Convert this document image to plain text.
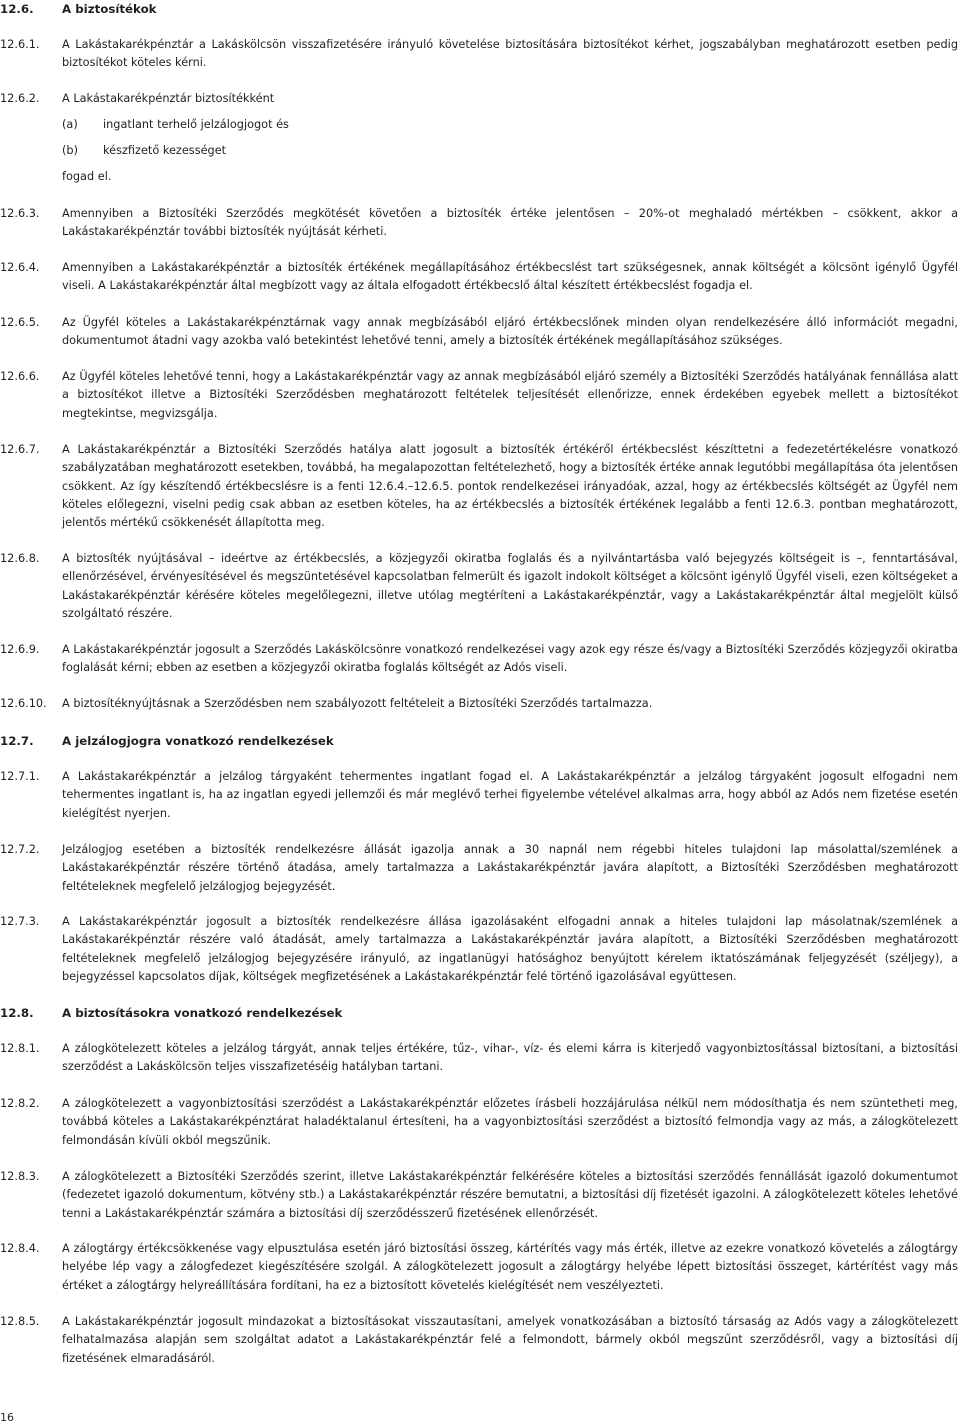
12.6. A biztosítékok
12.6.1. A Lakástakarékpénztár a Lakáskölcsön visszafizetésére irányuló követelése biztosítására biztosítékot kérhet, jogszabályban meghatározott esetben pedig biztosítékot köteles kérni.
12.6.2. A Lakástakarékpénztár biztosítékként
(a) ingatlant terhelő jelzálogjogot és
(b) készfizető kezességet
fogad el.
12.6.3. Amennyiben a Biztosítéki Szerződés megkötését követően a biztosíték értéke jelentősen – 20%-ot meghaladó mértékben – csökkent, akkor a Lakástakarékpénztár további biztosíték nyújtását kérheti.
12.6.4. Amennyiben a Lakástakarékpénztár a biztosíték értékének megállapításához értékbecslést tart szükségesnek, annak költségét a kölcsönt igénylő Ügyfél viseli. A Lakástakarékpénztár által megbízott vagy az általa elfogadott értékbecslő által készített értékbecslést fogadja el.
12.6.5. Az Ügyfél köteles a Lakástakarékpénztárnak vagy annak megbízásából eljáró értékbecslőnek minden olyan rendelkezésére álló információt megadni, dokumentumot átadni vagy azokba való betekintést lehetővé tenni, amely a biztosíték értékének megállapításához szükséges.
12.6.6. Az Ügyfél köteles lehetővé tenni, hogy a Lakástakarékpénztár vagy az annak megbízásából eljáró személy a Biztosítéki Szerződés hatályának fennállása alatt a biztosítékot illetve a Biztosítéki Szerződésben meghatározott feltételek teljesítését ellenőrizze, ennek érdekében egyebek mellett a biztosítékot megtekintse, megvizsgálja.
12.6.7. A Lakástakarékpénztár a Biztosítéki Szerződés hatálya alatt jogosult a biztosíték értékéről értékbecslést készíttetni a fedezetértékelésre vonatkozó szabályzatában meghatározott esetekben, továbbá, ha megalapozottan feltételezhető, hogy a biztosíték értéke annak legutóbbi megállapítása óta jelentősen csökkent. Az így készítendő értékbecslésre is a fenti 12.6.4.–12.6.5. pontok rendelkezései irányadóak, azzal, hogy az értékbecslés költségét az Ügyfél nem köteles előlegezni, viselni pedig csak abban az esetben köteles, ha az értékbecslés a biztosíték értékének legalább a fenti 12.6.3. pontban meghatározott, jelentős mértékű csökkenését állapította meg.
12.6.8. A biztosíték nyújtásával – ideértve az értékbecslés, a közjegyzői okiratba foglalás és a nyilvántartásba való bejegyzés költségeit is –, fenntartásával, ellenőrzésével, érvényesítésével és megszüntetésével kapcsolatban felmerült és igazolt indokolt költséget a kölcsönt igénylő Ügyfél viseli, ezen költségeket a Lakástakarékpénztár kérésére köteles megelőlegezni, illetve utólag megtéríteni a Lakástakarékpénztár, vagy a Lakástakarékpénztár által megjelölt külső szolgáltató részére.
12.6.9. A Lakástakarékpénztár jogosult a Szerződés Lakáskölcsönre vonatkozó rendelkezései vagy azok egy része és/vagy a Biztosítéki Szerződés közjegyzői okiratba foglalását kérni; ebben az esetben a közjegyzői okiratba foglalás költségét az Adós viseli.
12.6.10. A biztosítéknyújtásnak a Szerződésben nem szabályozott feltételeit a Biztosítéki Szerződés tartalmazza.
12.7. A jelzálogjogra vonatkozó rendelkezések
12.7.1. A Lakástakarékpénztár a jelzálog tárgyaként tehermentes ingatlant fogad el. A Lakástakarékpénztár a jelzálog tárgyaként jogosult elfogadni nem tehermentes ingatlant is, ha az ingatlan egyedi jellemzői és már meglévő terhei figyelembe vételével alkalmas arra, hogy abból az Adós nem fizetése esetén kielégítést nyerjen.
12.7.2. Jelzálogjog esetében a biztosíték rendelkezésre állását igazolja annak a 30 napnál nem régebbi hiteles tulajdoni lap másolattal/szemlének a Lakástakarékpénztár részére történő átadása, amely tartalmazza a Lakástakarékpénztár javára alapított, a Biztosítéki Szerződésben meghatározott feltételeknek megfelelő jelzálogjog bejegyzését.
12.7.3. A Lakástakarékpénztár jogosult a biztosíték rendelkezésre állása igazolásaként elfogadni annak a hiteles tulajdoni lap másolatnak/szemlének a Lakástakarékpénztár részére való átadását, amely tartalmazza a Lakástakarékpénztár javára alapított, a Biztosítéki Szerződésben meghatározott feltételeknek megfelelő jelzálogjog bejegyzésére irányuló, az ingatlanügyi hatósághoz benyújtott kérelem iktatószámának feljegyzését (széljegy), a bejegyzéssel kapcsolatos díjak, költségek megfizetésének a Lakástakarékpénztár felé történő igazolásával együttesen.
12.8. A biztosításokra vonatkozó rendelkezések
12.8.1. A zálogkötelezett köteles a jelzálog tárgyát, annak teljes értékére, tűz-, vihar-, víz- és elemi kárra is kiterjedő vagyonbiztosítással biztosítani, a biztosítási szerződést a Lakáskölcsön teljes visszafizetéséig hatályban tartani.
12.8.2. A zálogkötelezett a vagyonbiztosítási szerződést a Lakástakarékpénztár előzetes írásbeli hozzájárulása nélkül nem módosíthatja és nem szüntetheti meg, továbbá köteles a Lakástakarékpénztárat haladéktalanul értesíteni, ha a vagyonbiztosítási szerződést a biztosító felmondja vagy az más, a zálogkötelezett felmondásán kívüli okból megszűnik.
12.8.3. A zálogkötelezett a Biztosítéki Szerződés szerint, illetve Lakástakarékpénztár felkérésére köteles a biztosítási szerződés fennállását igazoló dokumentumot (fedezetet igazoló dokumentum, kötvény stb.) a Lakástakarékpénztár részére bemutatni, a biztosítási díj fizetését igazolni. A zálogkötelezett köteles lehetővé tenni a Lakástakarékpénztár számára a biztosítási díj szerződésszerű fizetésének ellenőrzését.
12.8.4. A zálogtárgy értékcsökkenése vagy elpusztulása esetén járó biztosítási összeg, kártérítés vagy más érték, illetve az ezekre vonatkozó követelés a zálogtárgy helyébe lép vagy a zálogfedezet kiegészítésére szolgál. A zálogkötelezett jogosult a zálogtárgy helyébe lépett biztosítási összeget, kártérítést vagy más értéket a zálogtárgy helyreállítására fordítani, ha ez a biztosított követelés kielégítését nem veszélyezteti.
12.8.5. A Lakástakarékpénztár jogosult mindazokat a biztosításokat visszautasítani, amelyek vonatkozásában a biztosító társaság az Adós vagy a zálogkötelezett felhatalmazása alapján sem szolgáltat adatot a Lakástakarékpénztár felé a felmondott, bármely okból megszűnt szerződésről, vagy a biztosítási díj fizetésének elmaradásáról.
16
